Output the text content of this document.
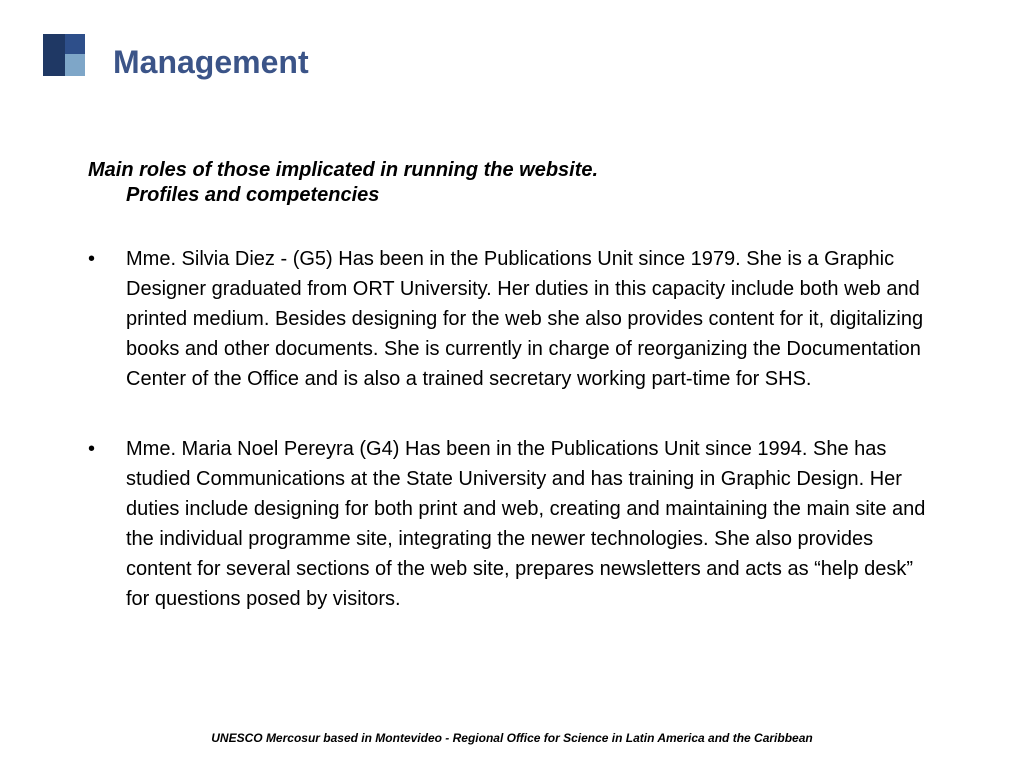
Management

Main roles of those implicated in running the website.
Profiles and competencies

• Mme. Silvia Diez - (G5) Has been in the Publications Unit since 1979. She is a Graphic Designer graduated from ORT University. Her duties in this capacity include both web and printed medium. Besides designing for the web she also provides content for it, digitalizing books and other documents. She is currently in charge of reorganizing the Documentation Center of the Office and is also a trained secretary working part-time for SHS.
• Mme. Maria Noel Pereyra (G4) Has been in the Publications Unit since 1994. She has studied Communications at the State University and has training in Graphic Design. Her duties include designing for both print and web, creating and maintaining the main site and the individual programme site, integrating the newer technologies. She also provides content for several sections of the web site, prepares newsletters and acts as “help desk” for questions posed by visitors.

UNESCO Mercosur based in Montevideo - Regional Office for Science in Latin America and the Caribbean
